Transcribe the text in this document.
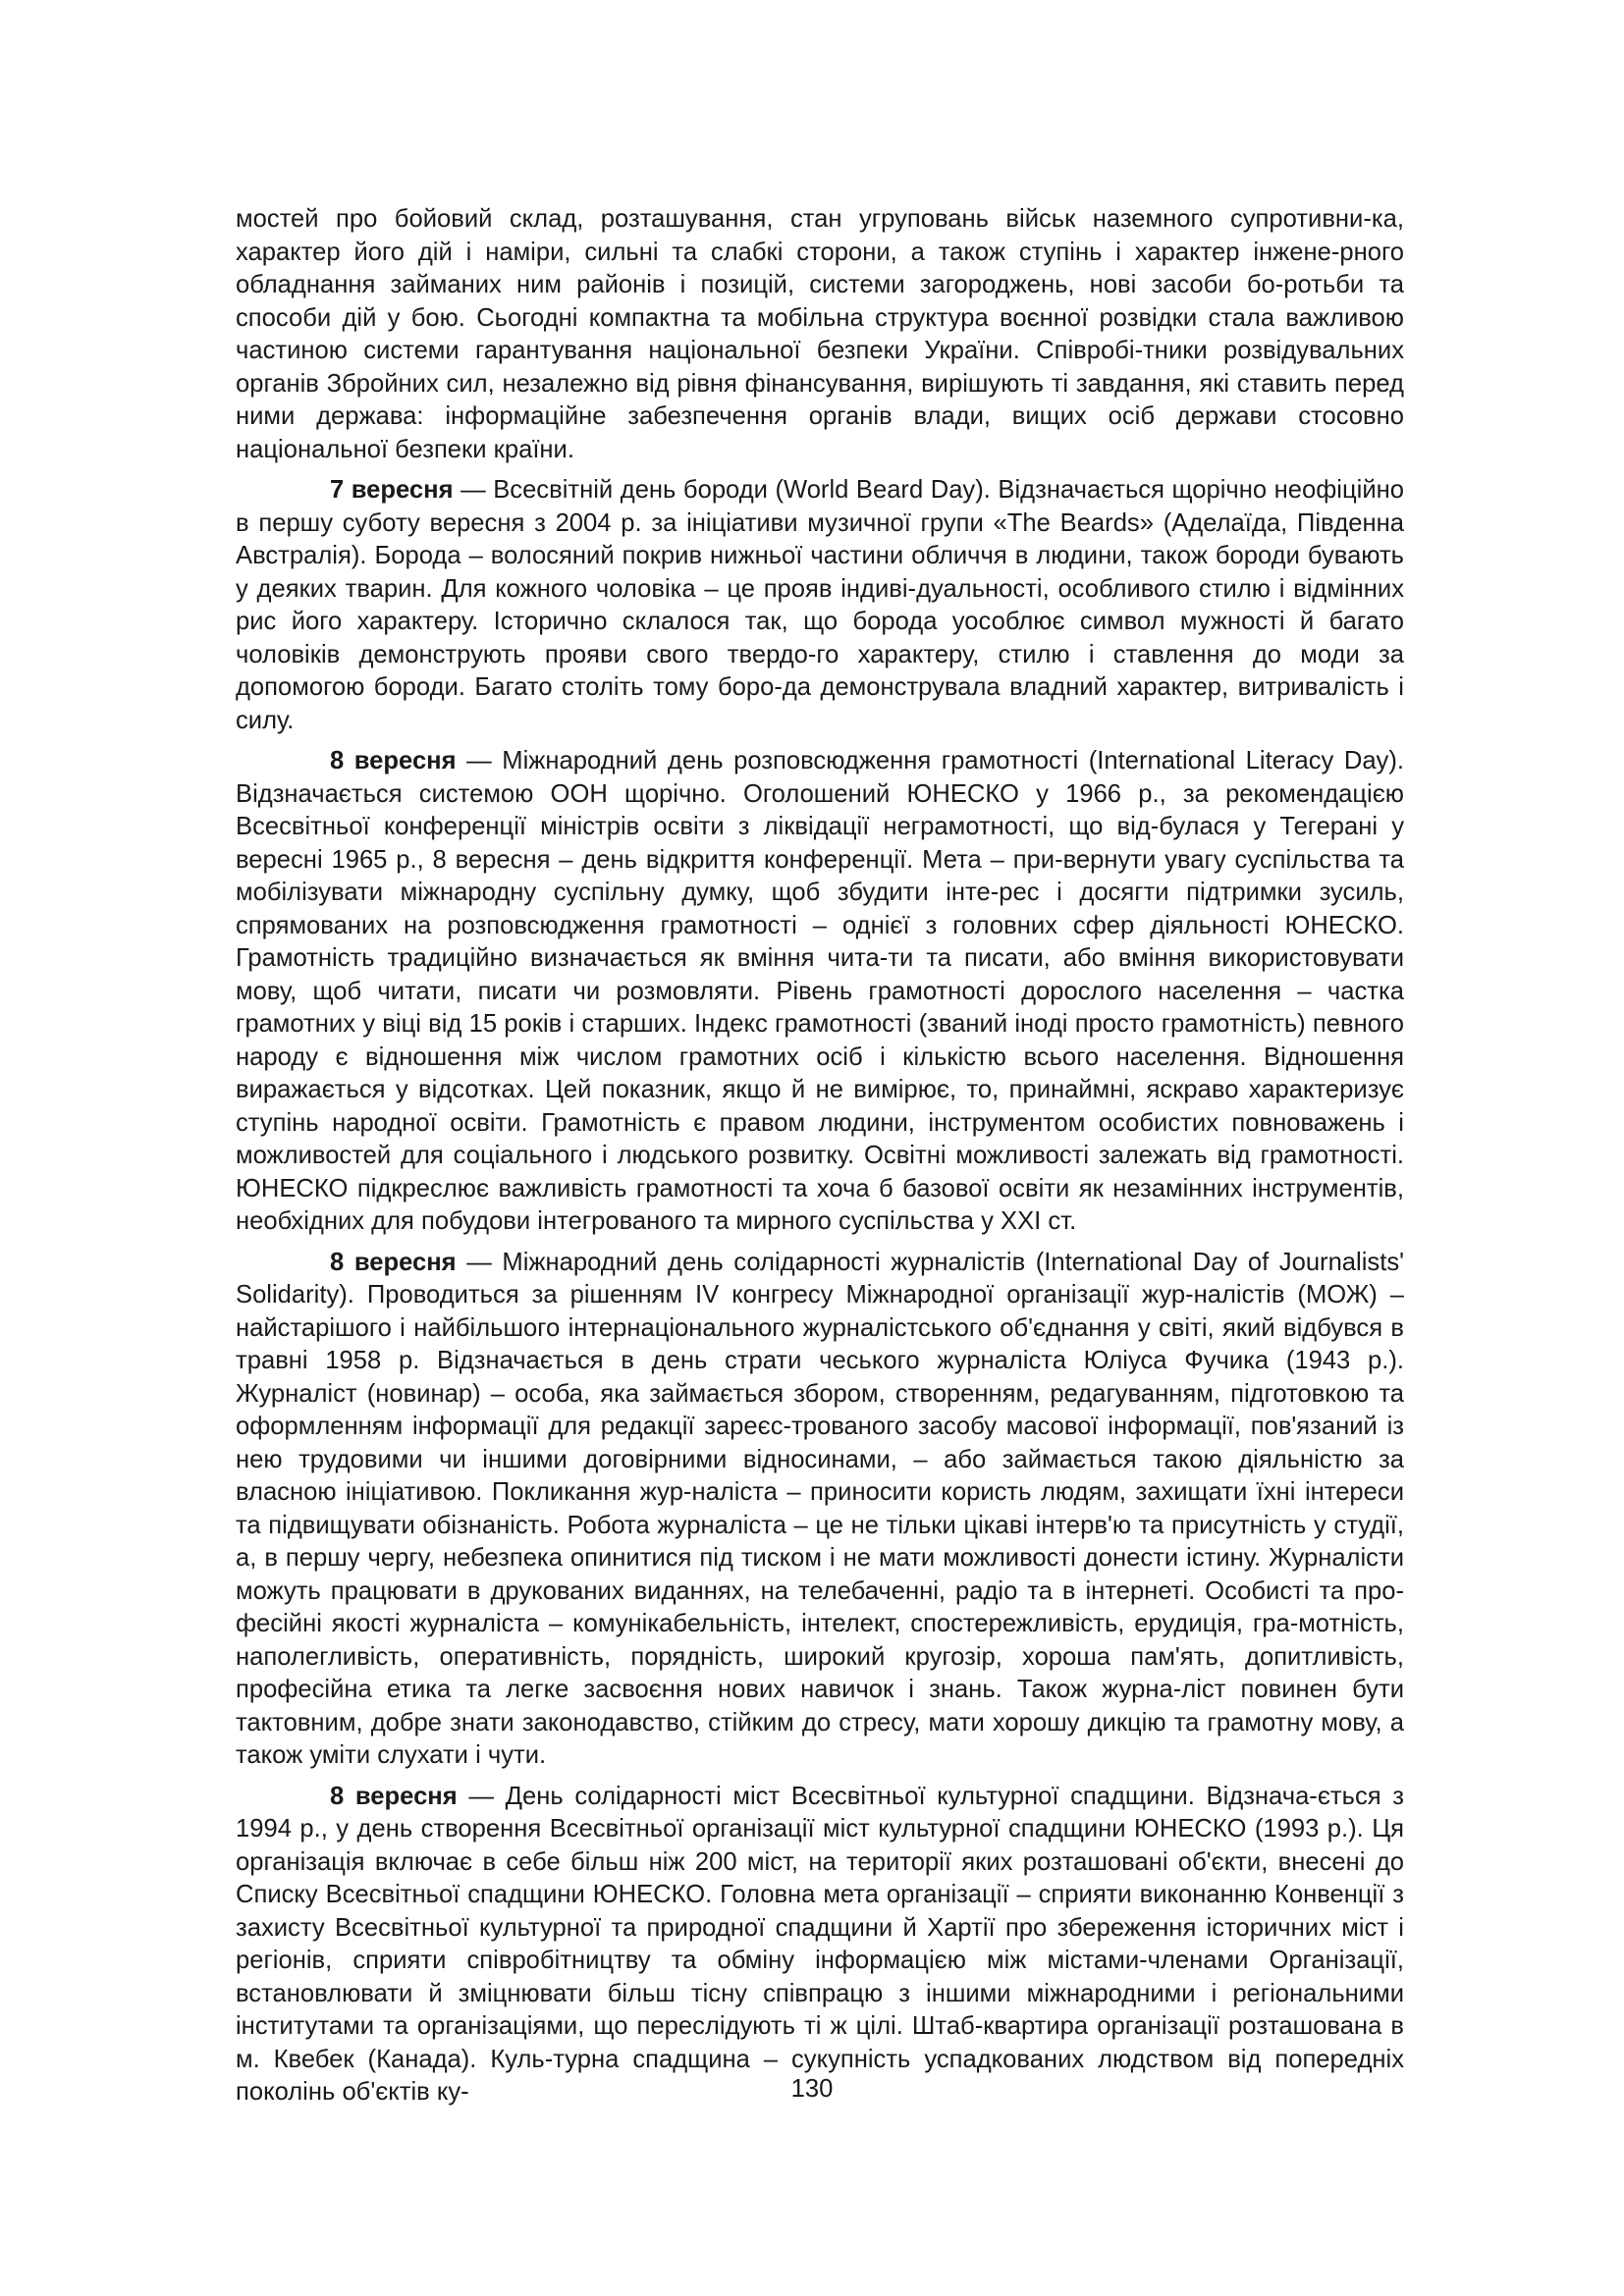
мостей про бойовий склад, розташування, стан угруповань військ наземного супротивни-ка, характер його дій і наміри, сильні та слабкі сторони, а також ступінь і характер інжене-рного обладнання займаних ним районів і позицій, системи загороджень, нові засоби бо-ротьби та способи дій у бою. Сьогодні компактна та мобільна структура воєнної розвідки стала важливою частиною системи гарантування національної безпеки України. Співробі-тники розвідувальних органів Збройних сил, незалежно від рівня фінансування, вирішують ті завдання, які ставить перед ними держава: інформаційне забезпечення органів влади, вищих осіб держави стосовно національної безпеки країни.

7 вересня — Всесвітній день бороди (World Beard Day). Відзначається щорічно неофіційно в першу суботу вересня з 2004 р. за ініціативи музичної групи «The Beards» (Аделаїда, Південна Австралія). Борода – волосяний покрив нижньої частини обличчя в людини, також бороди бувають у деяких тварин. Для кожного чоловіка – це прояв індиві-дуальності, особливого стилю і відмінних рис його характеру. Історично склалося так, що борода уособлює символ мужності й багато чоловіків демонструють прояви свого твердо-го характеру, стилю і ставлення до моди за допомогою бороди. Багато століть тому боро-да демонструвала владний характер, витривалість і силу.

8 вересня — Міжнародний день розповсюдження грамотності (International Literacy Day). Відзначається системою ООН щорічно. Оголошений ЮНЕСКО у 1966 р., за рекомендацією Всесвітньої конференції міністрів освіти з ліквідації неграмотності, що від-булася у Тегерані у вересні 1965 р., 8 вересня – день відкриття конференції. Мета – при-вернути увагу суспільства та мобілізувати міжнародну суспільну думку, щоб збудити інте-рес і досягти підтримки зусиль, спрямованих на розповсюдження грамотності – однієї з головних сфер діяльності ЮНЕСКО. Грамотність традиційно визначається як вміння чита-ти та писати, або вміння використовувати мову, щоб читати, писати чи розмовляти. Рівень грамотності дорослого населення – частка грамотних у віці від 15 років і старших. Індекс грамотності (званий іноді просто грамотність) певного народу є відношення між числом грамотних осіб і кількістю всього населення. Відношення виражається у відсотках. Цей показник, якщо й не вимірює, то, принаймні, яскраво характеризує ступінь народної освіти. Грамотність є правом людини, інструментом особистих повноважень і можливостей для соціального і людського розвитку. Освітні можливості залежать від грамотності. ЮНЕСКО підкреслює важливість грамотності та хоча б базової освіти як незамінних інструментів, необхідних для побудови інтегрованого та мирного суспільства у XXI ст.

8 вересня — Міжнародний день солідарності журналістів (International Day of Journalists' Solidarity). Проводиться за рішенням IV конгресу Міжнародної організації жур-налістів (МОЖ) – найстарішого і найбільшого інтернаціонального журналістського об'єднання у світі, який відбувся в травні 1958 р. Відзначається в день страти чеського журналіста Юліуса Фучика (1943 р.). Журналіст (новинар) – особа, яка займається збором, створенням, редагуванням, підготовкою та оформленням інформації для редакції зареєс-трованого засобу масової інформації, пов'язаний із нею трудовими чи іншими договірними відносинами, – або займається такою діяльністю за власною ініціативою. Покликання жур-наліста – приносити користь людям, захищати їхні інтереси та підвищувати обізнаність. Робота журналіста – це не тільки цікаві інтерв'ю та присутність у студії, а, в першу чергу, небезпека опинитися під тиском і не мати можливості донести істину. Журналісти можуть працювати в друкованих виданнях, на телебаченні, радіо та в інтернеті. Особисті та про-фесійні якості журналіста – комунікабельність, інтелект, спостережливість, ерудиція, гра-мотність, наполегливість, оперативність, порядність, широкий кругозір, хороша пам'ять, допитливість, професійна етика та легке засвоєння нових навичок і знань. Також журна-ліст повинен бути тактовним, добре знати законодавство, стійким до стресу, мати хорошу дикцію та грамотну мову, а також уміти слухати і чути.

8 вересня — День солідарності міст Всесвітньої культурної спадщини. Відзнача-ється з 1994 р., у день створення Всесвітньої організації міст культурної спадщини ЮНЕСКО (1993 р.). Ця організація включає в себе більш ніж 200 міст, на території яких розташовані об'єкти, внесені до Списку Всесвітньої спадщини ЮНЕСКО. Головна мета організації – сприяти виконанню Конвенції з захисту Всесвітньої культурної та природної спадщини й Хартії про збереження історичних міст і регіонів, сприяти співробітництву та обміну інформацією між містами-членами Організації, встановлювати й зміцнювати більш тісну співпрацю з іншими міжнародними і регіональними інститутами та організаціями, що переслідують ті ж цілі. Штаб-квартира організації розташована в м. Квебек (Канада). Куль-турна спадщина – сукупність успадкованих людством від попередніх поколінь об'єктів ку-	130
